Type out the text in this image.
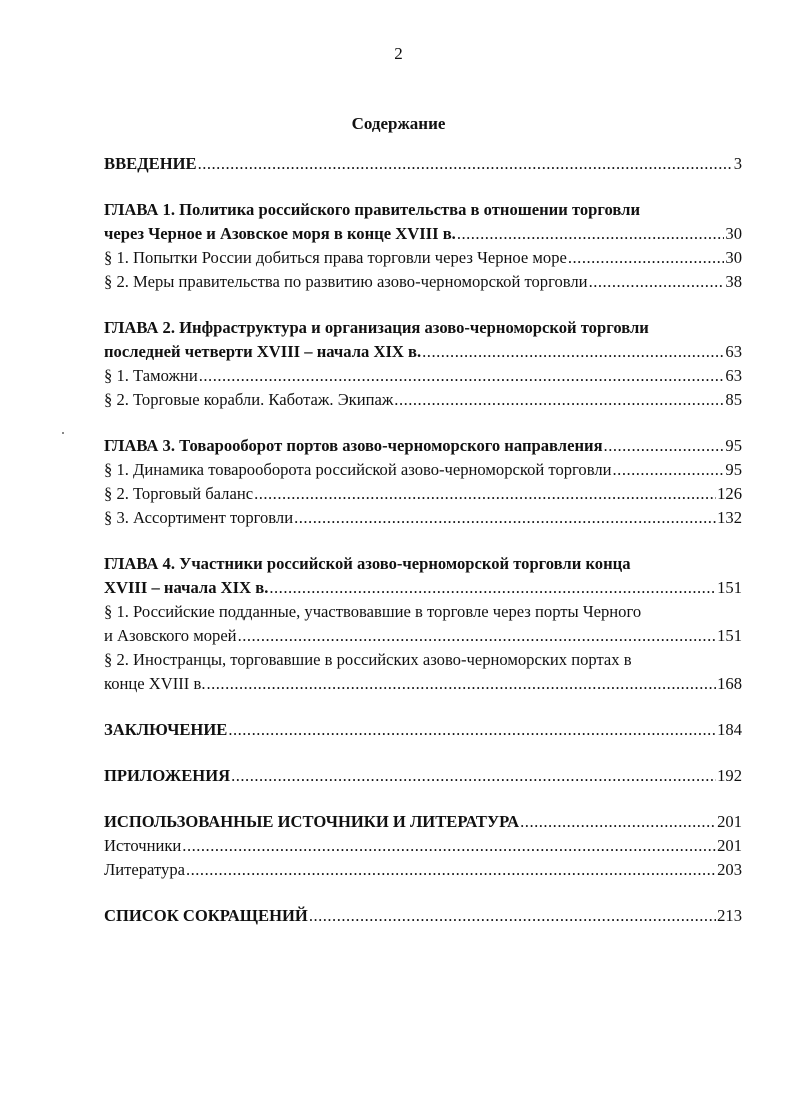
2
Содержание
ВВЕДЕНИЕ .....	3
ГЛАВА 1. Политика российского правительства в отношении торговли
через Черное и Азовское моря в конце XVIII в. .....	30
§ 1. Попытки России добиться права торговли через Черное море .....	30
§ 2. Меры правительства по развитию азово-черноморской торговли .....	38
ГЛАВА 2. Инфраструктура и организация азово-черноморской торговли
последней четверти XVIII – начала XIX в. .....	63
§ 1. Таможни .....	63
§ 2. Торговые корабли. Каботаж. Экипаж .....	85
ГЛАВА 3. Товарооборот портов азово-черноморского направления .....	95
§ 1. Динамика товарооборота российской азово-черноморской торговли .....	95
§ 2. Торговый баланс .....	126
§ 3. Ассортимент торговли .....	132
ГЛАВА 4. Участники российской азово-черноморской торговли конца
XVIII – начала XIX в. .....	151
§ 1. Российские подданные, участвовавшие в торговле через порты Черного
и Азовского морей .....	151
§ 2. Иностранцы, торговавшие в российских азово-черноморских портах в
конце XVIII в. .....	168
ЗАКЛЮЧЕНИЕ .....	184
ПРИЛОЖЕНИЯ .....	192
ИСПОЛЬЗОВАННЫЕ ИСТОЧНИКИ И ЛИТЕРАТУРА .....	201
Источники .....	201
Литература .....	203
СПИСОК СОКРАЩЕНИЙ .....	213
